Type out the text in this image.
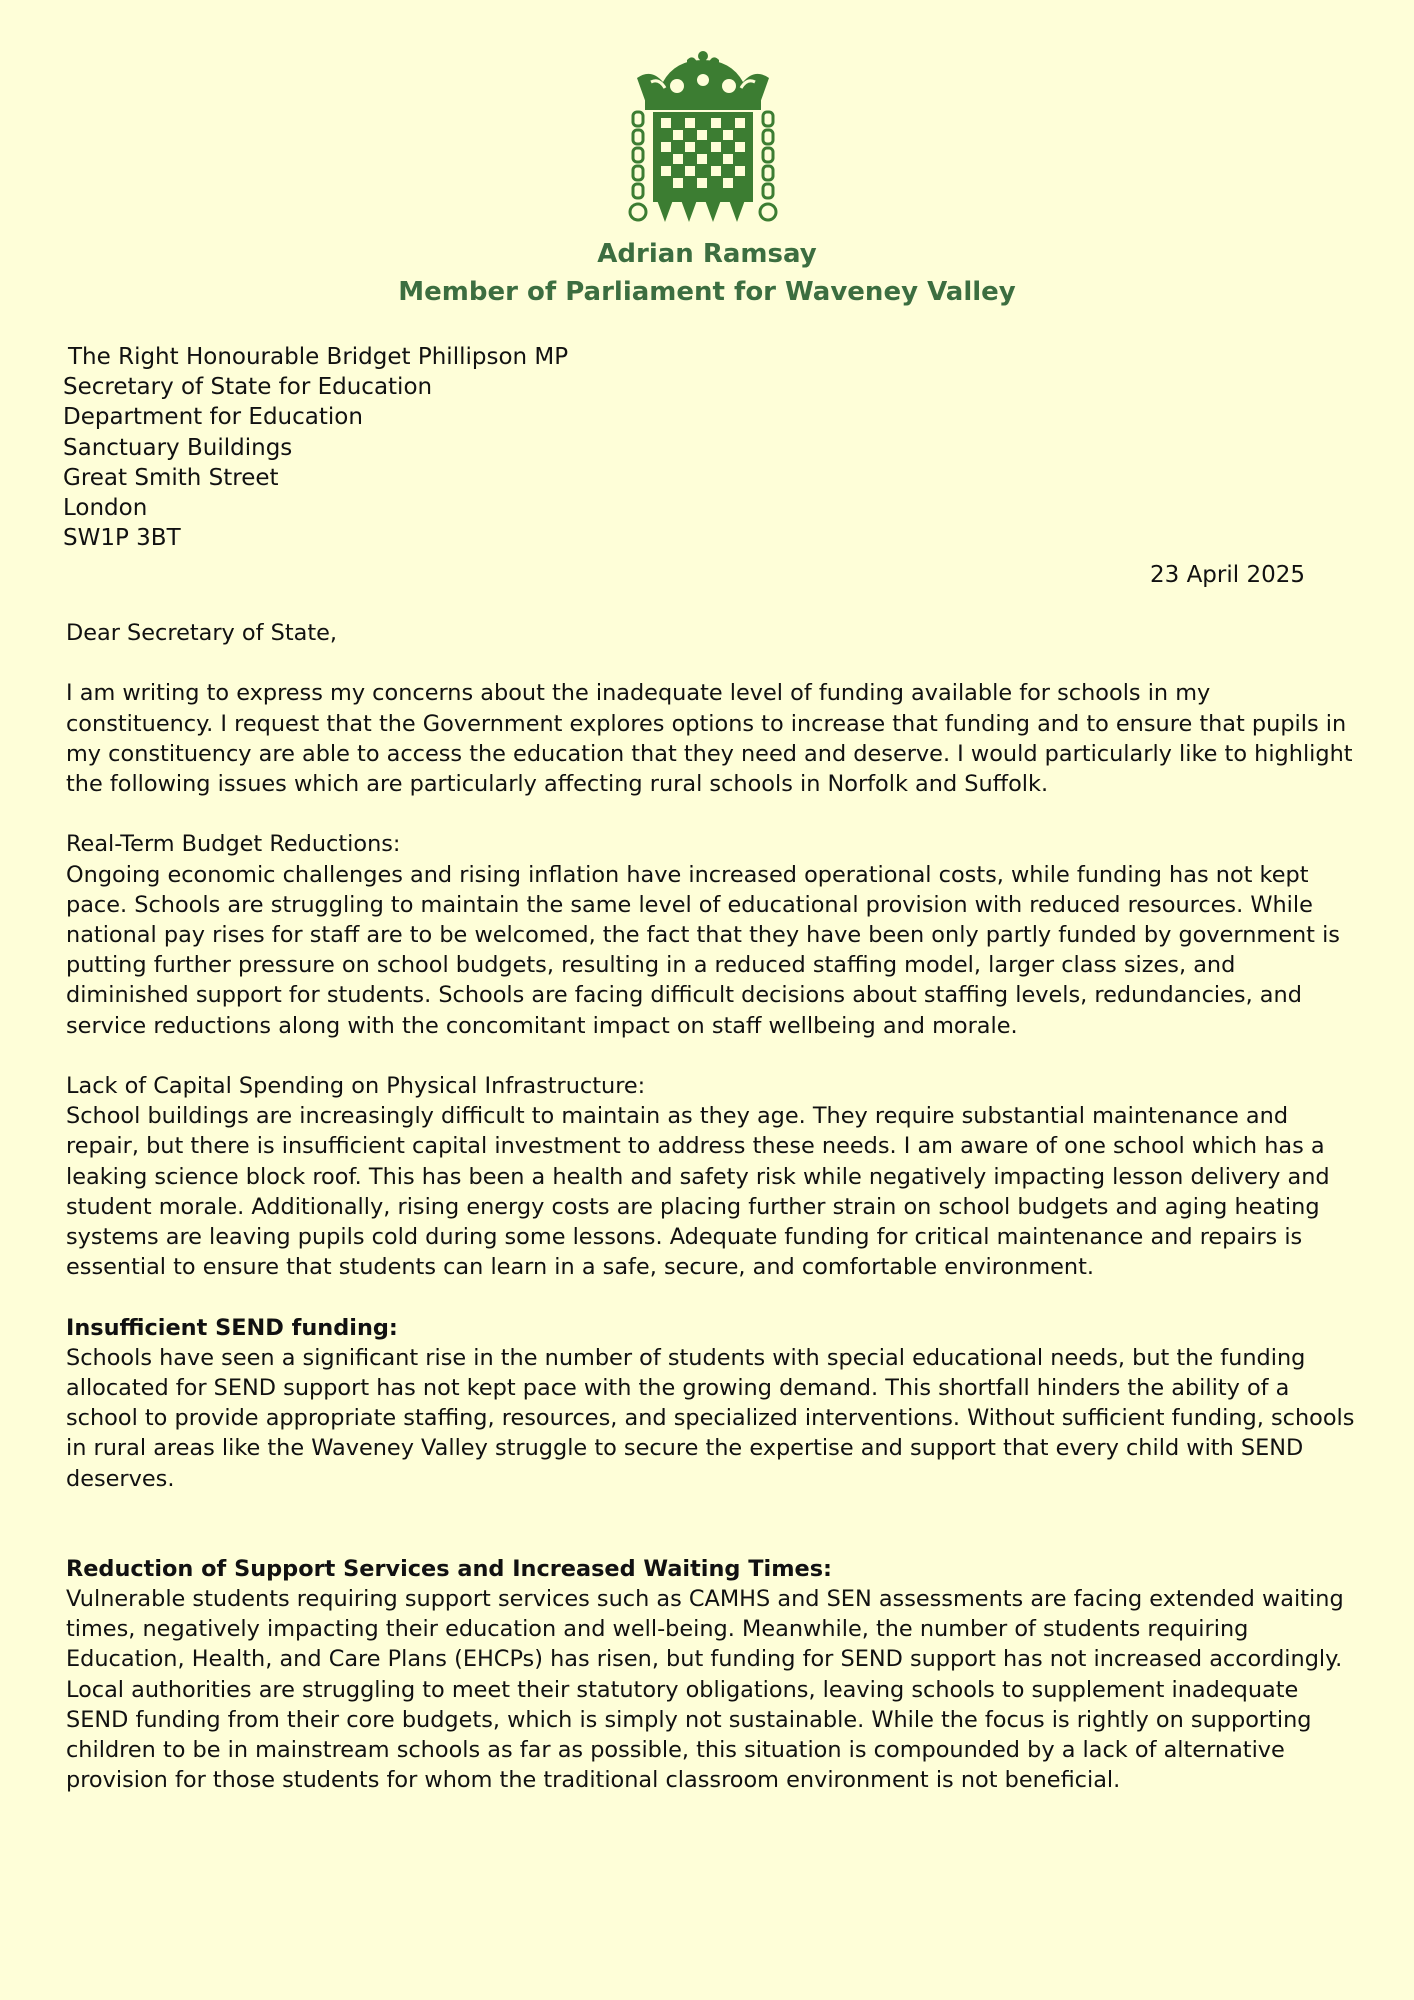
Adrian Ramsay
Member of Parliament for Waveney Valley
The Right Honourable Bridget Phillipson MP
Secretary of State for Education
Department for Education
Sanctuary Buildings
Great Smith Street
London
SW1P 3BT
23 April 2025

Dear Secretary of State,

I am writing to express my concerns about the inadequate level of funding available for schools in my constituency. I request that the Government explores options to increase that funding and to ensure that pupils in my constituency are able to access the education that they need and deserve. I would particularly like to highlight the following issues which are particularly affecting rural schools in Norfolk and Suffolk.

Real-Term Budget Reductions:

Ongoing economic challenges and rising inflation have increased operational costs, while funding has not kept pace. Schools are struggling to maintain the same level of educational provision with reduced resources. While national pay rises for staff are to be welcomed, the fact that they have been only partly funded by government is putting further pressure on school budgets, resulting in a reduced staffing model, larger class sizes, and diminished support for students. Schools are facing difficult decisions about staffing levels, redundancies, and service reductions along with the concomitant impact on staff wellbeing and morale.

Lack of Capital Spending on Physical Infrastructure:

School buildings are increasingly difficult to maintain as they age. They require substantial maintenance and repair, but there is insufficient capital investment to address these needs. I am aware of one school which has a leaking science block roof. This has been a health and safety risk while negatively impacting lesson delivery and student morale. Additionally, rising energy costs are placing further strain on school budgets and aging heating systems are leaving pupils cold during some lessons. Adequate funding for critical maintenance and repairs is essential to ensure that students can learn in a safe, secure, and comfortable environment.

Insufficient SEND funding:

Schools have seen a significant rise in the number of students with special educational needs, but the funding allocated for SEND support has not kept pace with the growing demand. This shortfall hinders the ability of a school to provide appropriate staffing, resources, and specialized interventions. Without sufficient funding, schools in rural areas like the Waveney Valley struggle to secure the expertise and support that every child with SEND deserves.

Reduction of Support Services and Increased Waiting Times:

Vulnerable students requiring support services such as CAMHS and SEN assessments are facing extended waiting times, negatively impacting their education and well-being. Meanwhile, the number of students requiring Education, Health, and Care Plans (EHCPs) has risen, but funding for SEND support has not increased accordingly. Local authorities are struggling to meet their statutory obligations, leaving schools to supplement inadequate SEND funding from their core budgets, which is simply not sustainable. While the focus is rightly on supporting children to be in mainstream schools as far as possible, this situation is compounded by a lack of alternative provision for those students for whom the traditional classroom environment is not beneficial.
